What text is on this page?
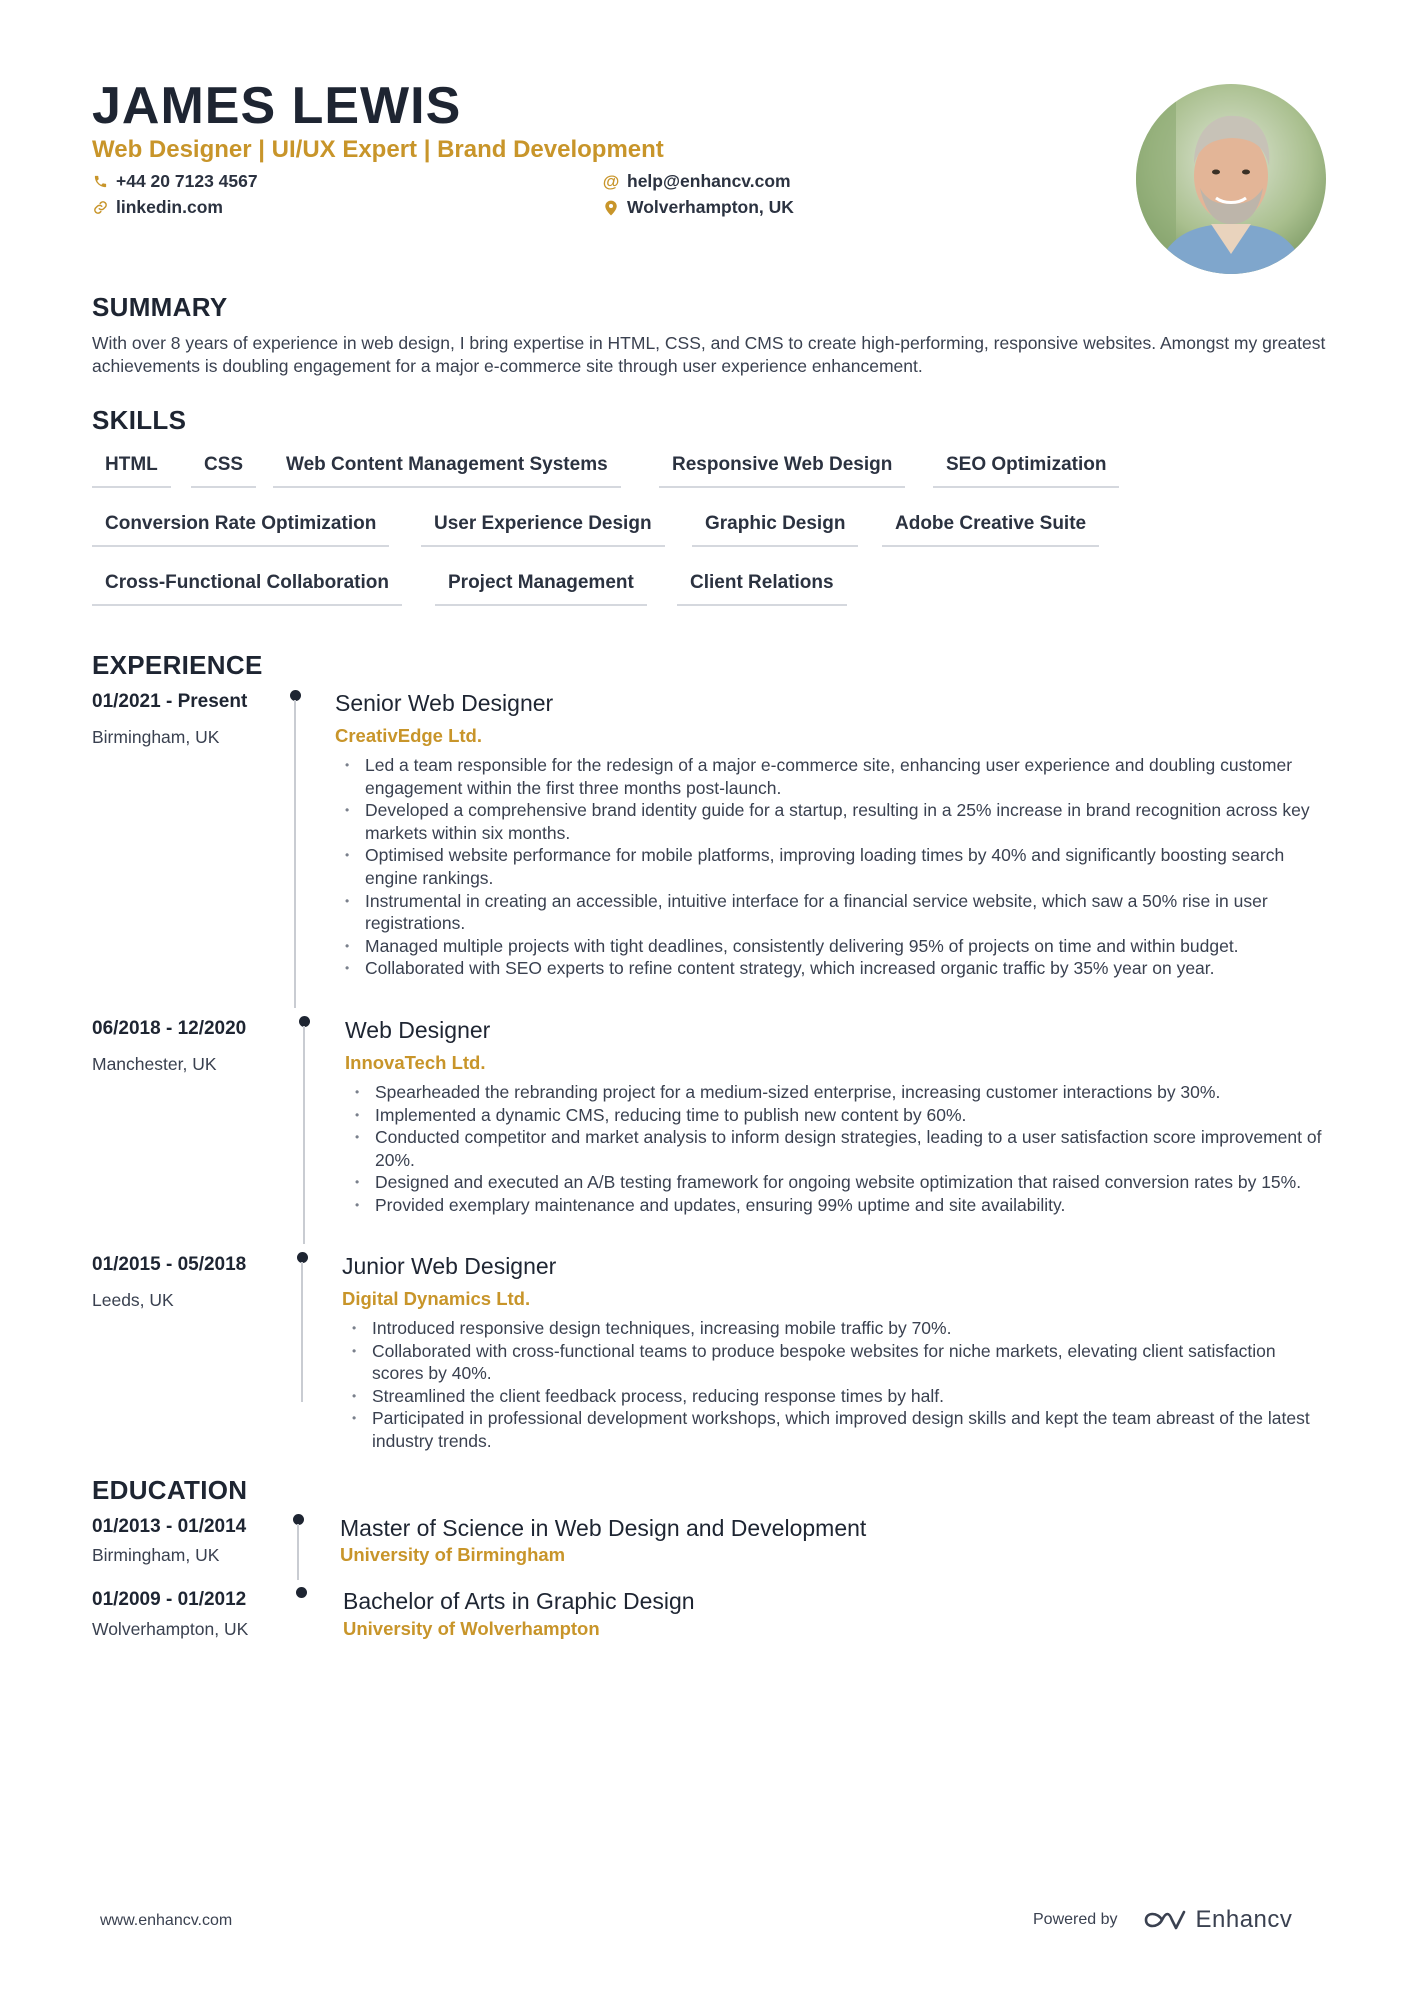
JAMES LEWIS
Web Designer | UI/UX Expert | Brand Development
+44 20 7123 4567	@ help@enhancv.com
linkedin.com	Wolverhampton, UK
SUMMARY
With over 8 years of experience in web design, I bring expertise in HTML, CSS, and CMS to create high-performing, responsive websites. Amongst my greatest achievements is doubling engagement for a major e-commerce site through user experience enhancement.
SKILLS
HTML	CSS	Web Content Management Systems	Responsive Web Design	SEO Optimization
Conversion Rate Optimization	User Experience Design	Graphic Design	Adobe Creative Suite
Cross-Functional Collaboration	Project Management	Client Relations
EXPERIENCE
01/2021 - Present
Birmingham, UK
Senior Web Designer
CreativEdge Ltd.
• Led a team responsible for the redesign of a major e-commerce site, enhancing user experience and doubling customer engagement within the first three months post-launch.
• Developed a comprehensive brand identity guide for a startup, resulting in a 25% increase in brand recognition across key markets within six months.
• Optimised website performance for mobile platforms, improving loading times by 40% and significantly boosting search engine rankings.
• Instrumental in creating an accessible, intuitive interface for a financial service website, which saw a 50% rise in user registrations.
• Managed multiple projects with tight deadlines, consistently delivering 95% of projects on time and within budget.
• Collaborated with SEO experts to refine content strategy, which increased organic traffic by 35% year on year.
06/2018 - 12/2020
Manchester, UK
Web Designer
InnovaTech Ltd.
• Spearheaded the rebranding project for a medium-sized enterprise, increasing customer interactions by 30%.
• Implemented a dynamic CMS, reducing time to publish new content by 60%.
• Conducted competitor and market analysis to inform design strategies, leading to a user satisfaction score improvement of 20%.
• Designed and executed an A/B testing framework for ongoing website optimization that raised conversion rates by 15%.
• Provided exemplary maintenance and updates, ensuring 99% uptime and site availability.
01/2015 - 05/2018
Leeds, UK
Junior Web Designer
Digital Dynamics Ltd.
• Introduced responsive design techniques, increasing mobile traffic by 70%.
• Collaborated with cross-functional teams to produce bespoke websites for niche markets, elevating client satisfaction scores by 40%.
• Streamlined the client feedback process, reducing response times by half.
• Participated in professional development workshops, which improved design skills and kept the team abreast of the latest industry trends.
EDUCATION
01/2013 - 01/2014
Birmingham, UK
Master of Science in Web Design and Development
University of Birmingham
01/2009 - 01/2012
Wolverhampton, UK
Bachelor of Arts in Graphic Design
University of Wolverhampton
www.enhancv.com	Powered by	Enhancv
